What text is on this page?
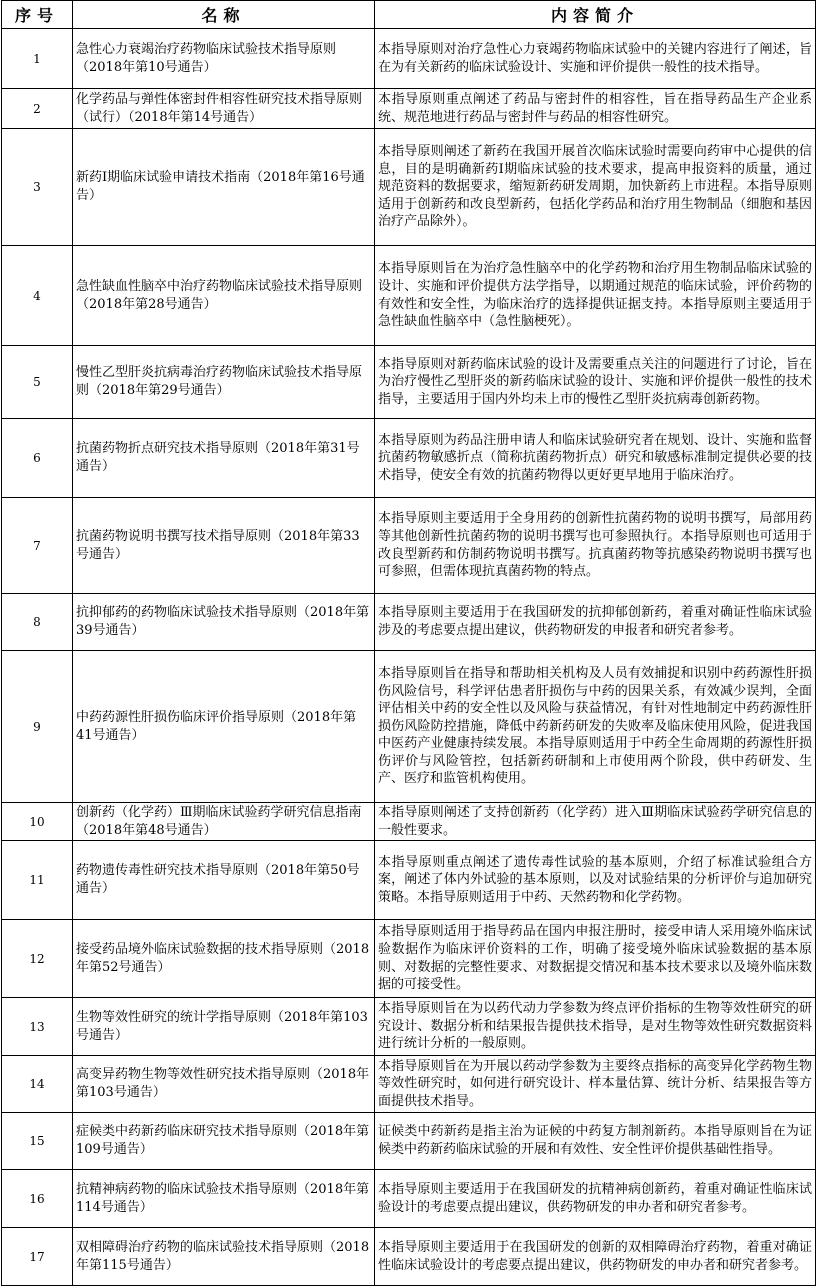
序号	名称	内容简介
1	急性心力衰竭治疗药物临床试验技术指导原则（2018年第10号通告）	本指导原则对治疗急性心力衰竭药物临床试验中的关键内容进行了阐述，旨在为有关新药的临床试验设计、实施和评价提供一般性的技术指导。
2	化学药品与弹性体密封件相容性研究技术指导原则（试行）（2018年第14号通告）	本指导原则重点阐述了药品与密封件的相容性，旨在指导药品生产企业系统、规范地进行药品与密封件与药品的相容性研究。
3	新药I期临床试验申请技术指南（2018年第16号通告）	本指导原则阐述了新药在我国开展首次临床试验时需要向药审中心提供的信息，目的是明确新药I期临床试验的技术要求，提高申报资料的质量，通过规范资料的数据要求，缩短新药研发周期，加快新药上市进程。本指导原则适用于创新药和改良型新药，包括化学药品和治疗用生物制品（细胞和基因治疗产品除外）。
4	急性缺血性脑卒中治疗药物临床试验技术指导原则（2018年第28号通告）	本指导原则旨在为治疗急性脑卒中的化学药物和治疗用生物制品临床试验的设计、实施和评价提供方法学指导，以期通过规范的临床试验，评价药物的有效性和安全性，为临床治疗的选择提供证据支持。本指导原则主要适用于急性缺血性脑卒中（急性脑梗死）。
5	慢性乙型肝炎抗病毒治疗药物临床试验技术指导原则（2018年第29号通告）	本指导原则对新药临床试验的设计及需要重点关注的问题进行了讨论，旨在为治疗慢性乙型肝炎的新药临床试验的设计、实施和评价提供一般性的技术指导，主要适用于国内外均未上市的慢性乙型肝炎抗病毒创新药物。
6	抗菌药物折点研究技术指导原则（2018年第31号通告）	本指导原则为药品注册申请人和临床试验研究者在规划、设计、实施和监督抗菌药物敏感折点（简称抗菌药物折点）研究和敏感标准制定提供必要的技术指导，使安全有效的抗菌药物得以更好更早地用于临床治疗。
7	抗菌药物说明书撰写技术指导原则（2018年第33号通告）	本指导原则主要适用于全身用药的创新性抗菌药物的说明书撰写，局部用药等其他创新性抗菌药物的说明书撰写也可参照执行。本指导原则也可适用于改良型新药和仿制药物说明书撰写。抗真菌药物等抗感染药物说明书撰写也可参照，但需体现抗真菌药物的特点。
8	抗抑郁药的药物临床试验技术指导原则（2018年第39号通告）	本指导原则主要适用于在我国研发的抗抑郁创新药，着重对确证性临床试验涉及的考虑要点提出建议，供药物研发的申报者和研究者参考。
9	中药药源性肝损伤临床评价指导原则（2018年第41号通告）	本指导原则旨在指导和帮助相关机构及人员有效捕捉和识别中药药源性肝损伤风险信号，科学评估患者肝损伤与中药的因果关系，有效减少误判，全面评估相关中药的安全性以及风险与获益情况，有针对性地制定中药药源性肝损伤风险防控措施，降低中药新药研发的失败率及临床使用风险，促进我国中医药产业健康持续发展。本指导原则适用于中药全生命周期的药源性肝损伤评价与风险管控，包括新药研制和上市使用两个阶段，供中药研发、生产、医疗和监管机构使用。
10	创新药（化学药）Ⅲ期临床试验药学研究信息指南（2018年第48号通告）	本指导原则阐述了支持创新药（化学药）进入Ⅲ期临床试验药学研究信息的一般性要求。
11	药物遗传毒性研究技术指导原则（2018年第50号通告）	本指导原则重点阐述了遗传毒性试验的基本原则，介绍了标准试验组合方案，阐述了体内外试验的基本原则，以及对试验结果的分析评价与追加研究策略。本指导原则适用于中药、天然药物和化学药物。
12	接受药品境外临床试验数据的技术指导原则（2018年第52号通告）	本指导原则适用于指导药品在国内申报注册时，接受申请人采用境外临床试验数据作为临床评价资料的工作，明确了接受境外临床试验数据的基本原则、对数据的完整性要求、对数据提交情况和基本技术要求以及境外临床数据的可接受性。
13	生物等效性研究的统计学指导原则（2018年第103号通告）	本指导原则旨在为以药代动力学参数为终点评价指标的生物等效性研究的研究设计、数据分析和结果报告提供技术指导，是对生物等效性研究数据资料进行统计分析的一般原则。
14	高变异药物生物等效性研究技术指导原则（2018年第103号通告）	本指导原则旨在为开展以药动学参数为主要终点指标的高变异化学药物生物等效性研究时，如何进行研究设计、样本量估算、统计分析、结果报告等方面提供技术指导。
15	症候类中药新药临床研究技术指导原则（2018年第109号通告）	证候类中药新药是指主治为证候的中药复方制剂新药。本指导原则旨在为证候类中药新药临床试验的开展和有效性、安全性评价提供基础性指导。
16	抗精神病药物的临床试验技术指导原则（2018年第114号通告）	本指导原则主要适用于在我国研发的抗精神病创新药，着重对确证性临床试验设计的考虑要点提出建议，供药物研发的申办者和研究者参考。
17	双相障碍治疗药物的临床试验技术指导原则（2018年第115号通告）	本指导原则主要适用于在我国研发的创新的双相障碍治疗药物，着重对确证性临床试验设计的考虑要点提出建议，供药物研发的申办者和研究者参考。
